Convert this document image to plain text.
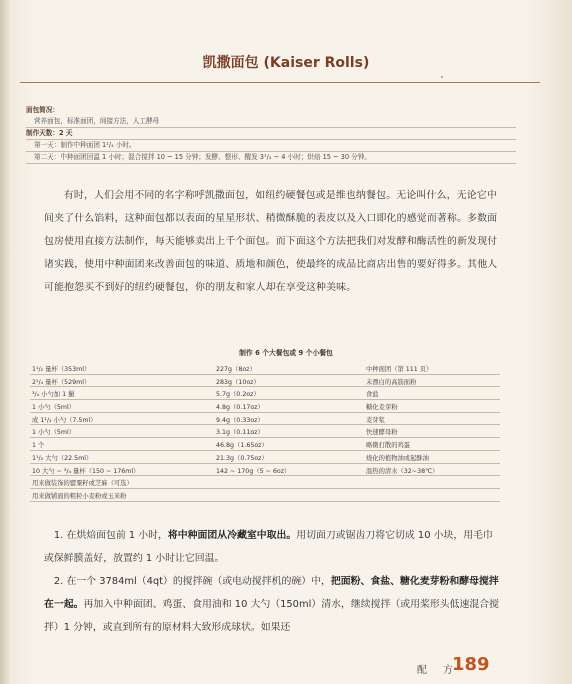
凯撒面包 (Kaiser Rolls)
面包简况：
营养面包，标准面团，间接方法，人工酵母
制作天数：2 天
第一天：制作中种面团 1¹/₄ 小时。
第二天：中种面团回温 1 小时；混合搅拌 10 ~ 15 分钟；发酵、整形、醒发 3¹/₂ ~ 4 小时；烘焙 15 ~ 30 分钟。
有时，人们会用不同的名字称呼凯撒面包，如纽约硬餐包或是维也纳餐包。无论叫什么，无论它中间夹了什么馅料，这种面包都以表面的星星形状、稍微酥脆的表皮以及入口即化的感觉而著称。多数面包房使用直接方法制作，每天能够卖出上千个面包。而下面这个方法把我们对发酵和酶活性的新发现付诸实践，使用中种面团来改善面包的味道、质地和颜色，使最终的成品比商店出售的要好得多。其他人可能抱怨买不到好的纽约硬餐包，你的朋友和家人却在享受这种美味。
制作 6 个大餐包或 9 个小餐包
1¹/₂ 量杯（353ml）	227g（8oz）	中种面团（第 111 页）
2¹/₄ 量杯（529ml）	283g（10oz）	未漂白的高筋面粉
³/₄ 小勺加 1 撮	5.7g（0.2oz）	食盐
1 小勺（5ml）	4.8g（0.17oz）	糖化麦芽粉
或 1¹/₂ 小勺（7.5ml）	9.4g（0.33oz）	麦芽浆
1 小勺（5ml）	3.1g（0.11oz）	快速酵母粉
1 个	46.8g（1.65oz）	略微打散的鸡蛋
1¹/₂ 大勺（22.5ml）	21.3g（0.75oz）	烧化的植物油或起酥油
10 大勺 ~ ³/₄ 量杯（150 ~ 176ml）	142 ~ 170g（5 ~ 6oz）	温热的清水（32~38℃）
用来做装饰的罂粟籽或芝麻（可选）
用来做铺面的粗粒小麦粉或玉米粉

1. 在烘焙面包前 1 小时，将中种面团从冷藏室中取出。用切面刀或锯齿刀将它切成 10 小块，用毛巾或保鲜膜盖好，放置约 1 小时让它回温。

2. 在一个 3784ml（4qt）的搅拌碗（或电动搅拌机的碗）中，把面粉、食盐、糖化麦芽粉和酵母搅拌在一起。再加入中种面团、鸡蛋、食用油和 10 大勺（150ml）清水，继续搅拌（或用桨形头低速混合搅拌）1 分钟，或直到所有的原材料大致形成球状。如果还

配　方
189
